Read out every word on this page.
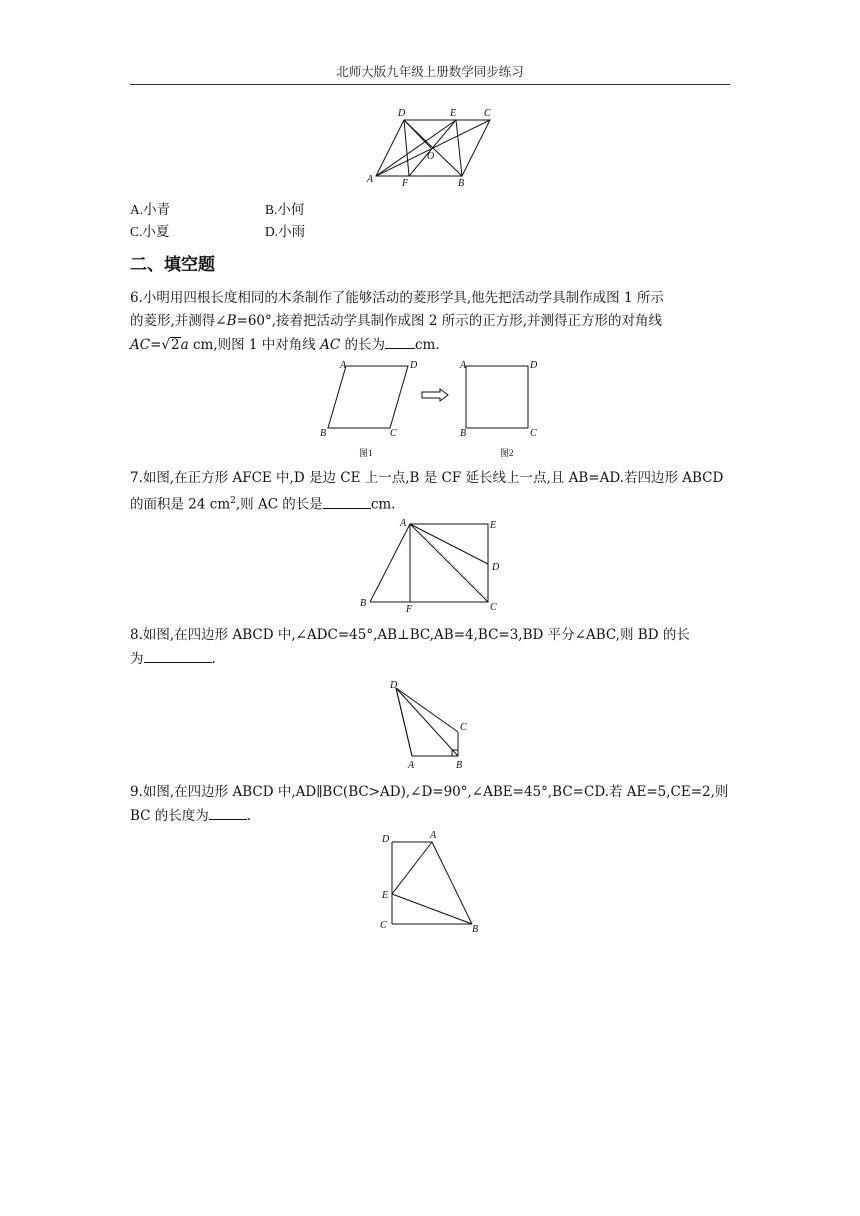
北师大版九年级上册数学同步练习
D	E	C
O
A	F	B
A.小青	B.小何
C.小夏	D.小雨
二、填空题
6.小明用四根长度相同的木条制作了能够活动的菱形学具,他先把活动学具制作成图 1 所示
的菱形,并测得∠B=60°,接着把活动学具制作成图 2 所示的正方形,并测得正方形的对角线
AC=√2a cm,则图 1 中对角线 AC 的长为 cm.
A	D
B	C
A	D
B	C
图1	图2
7.如图,在正方形 AFCE 中,D 是边 CE 上一点,B 是 CF 延长线上一点,且 AB=AD.若四边形 ABCD
的面积是 24 $cm^2$,则 AC 的长是	cm.
A	E
D
B
F	C
8.如图,在四边形 ABCD 中,∠ADC=45°,AB⊥BC,AB=4,BC=3,BD 平分∠ABC,则 BD 的长
为	.
D
C
A	B
9.如图,在四边形 ABCD 中,AD∥BC(BC>AD),∠D=90°,∠ABE=45°,BC=CD.若 AE=5,CE=2,则
BC 的长度为	.
D	A
E
C	B
